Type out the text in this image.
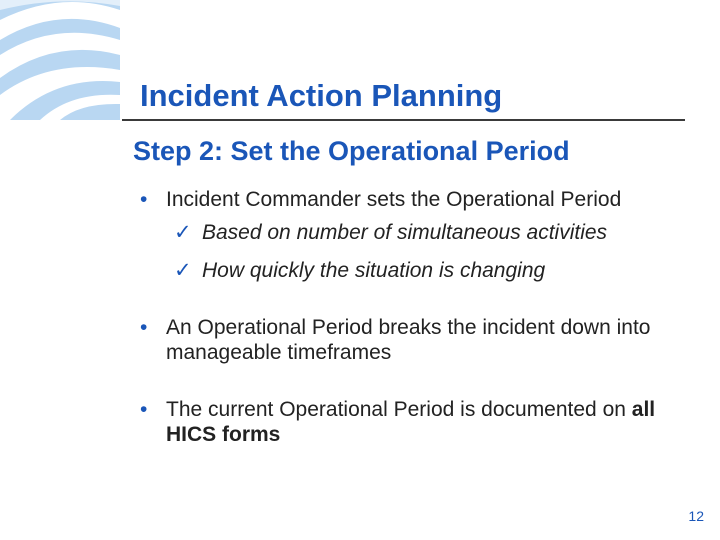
Incident Action Planning
Step 2: Set the Operational Period
• Incident Commander sets the Operational Period
✓ Based on number of simultaneous activities
✓ How quickly the situation is changing
• An Operational Period breaks the incident down into manageable timeframes
• The current Operational Period is documented on all HICS forms
12
